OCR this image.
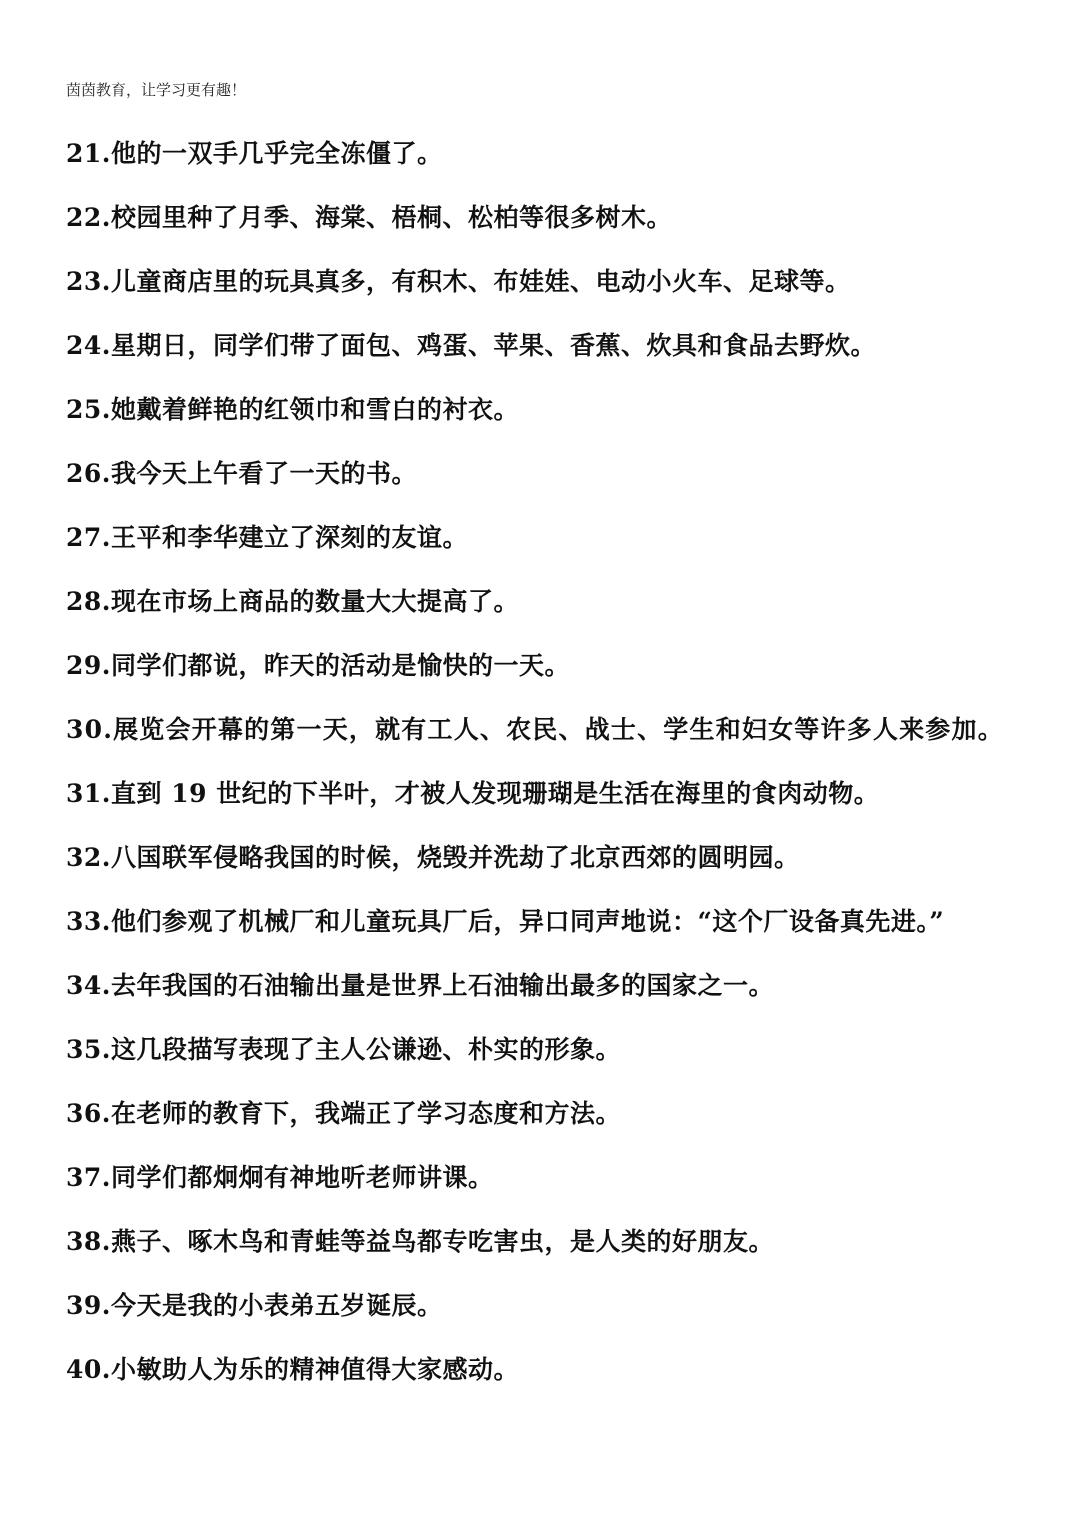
茵茵教育，让学习更有趣！
21.他的一双手几乎完全冻僵了。
22.校园里种了月季、海棠、梧桐、松柏等很多树木。
23.儿童商店里的玩具真多，有积木、布娃娃、电动小火车、足球等。
24.星期日，同学们带了面包、鸡蛋、苹果、香蕉、炊具和食品去野炊。
25.她戴着鲜艳的红领巾和雪白的衬衣。
26.我今天上午看了一天的书。
27.王平和李华建立了深刻的友谊。
28.现在市场上商品的数量大大提高了。
29.同学们都说，昨天的活动是愉快的一天。
30.展览会开幕的第一天，就有工人、农民、战士、学生和妇女等许多人来参加。
31.直到 19 世纪的下半叶，才被人发现珊瑚是生活在海里的食肉动物。
32.八国联军侵略我国的时候，烧毁并洗劫了北京西郊的圆明园。
33.他们参观了机械厂和儿童玩具厂后，异口同声地说：“这个厂设备真先进。”
34.去年我国的石油输出量是世界上石油输出最多的国家之一。
35.这几段描写表现了主人公谦逊、朴实的形象。
36.在老师的教育下，我端正了学习态度和方法。
37.同学们都炯炯有神地听老师讲课。
38.燕子、啄木鸟和青蛙等益鸟都专吃害虫，是人类的好朋友。
39.今天是我的小表弟五岁诞辰。
40.小敏助人为乐的精神值得大家感动。
